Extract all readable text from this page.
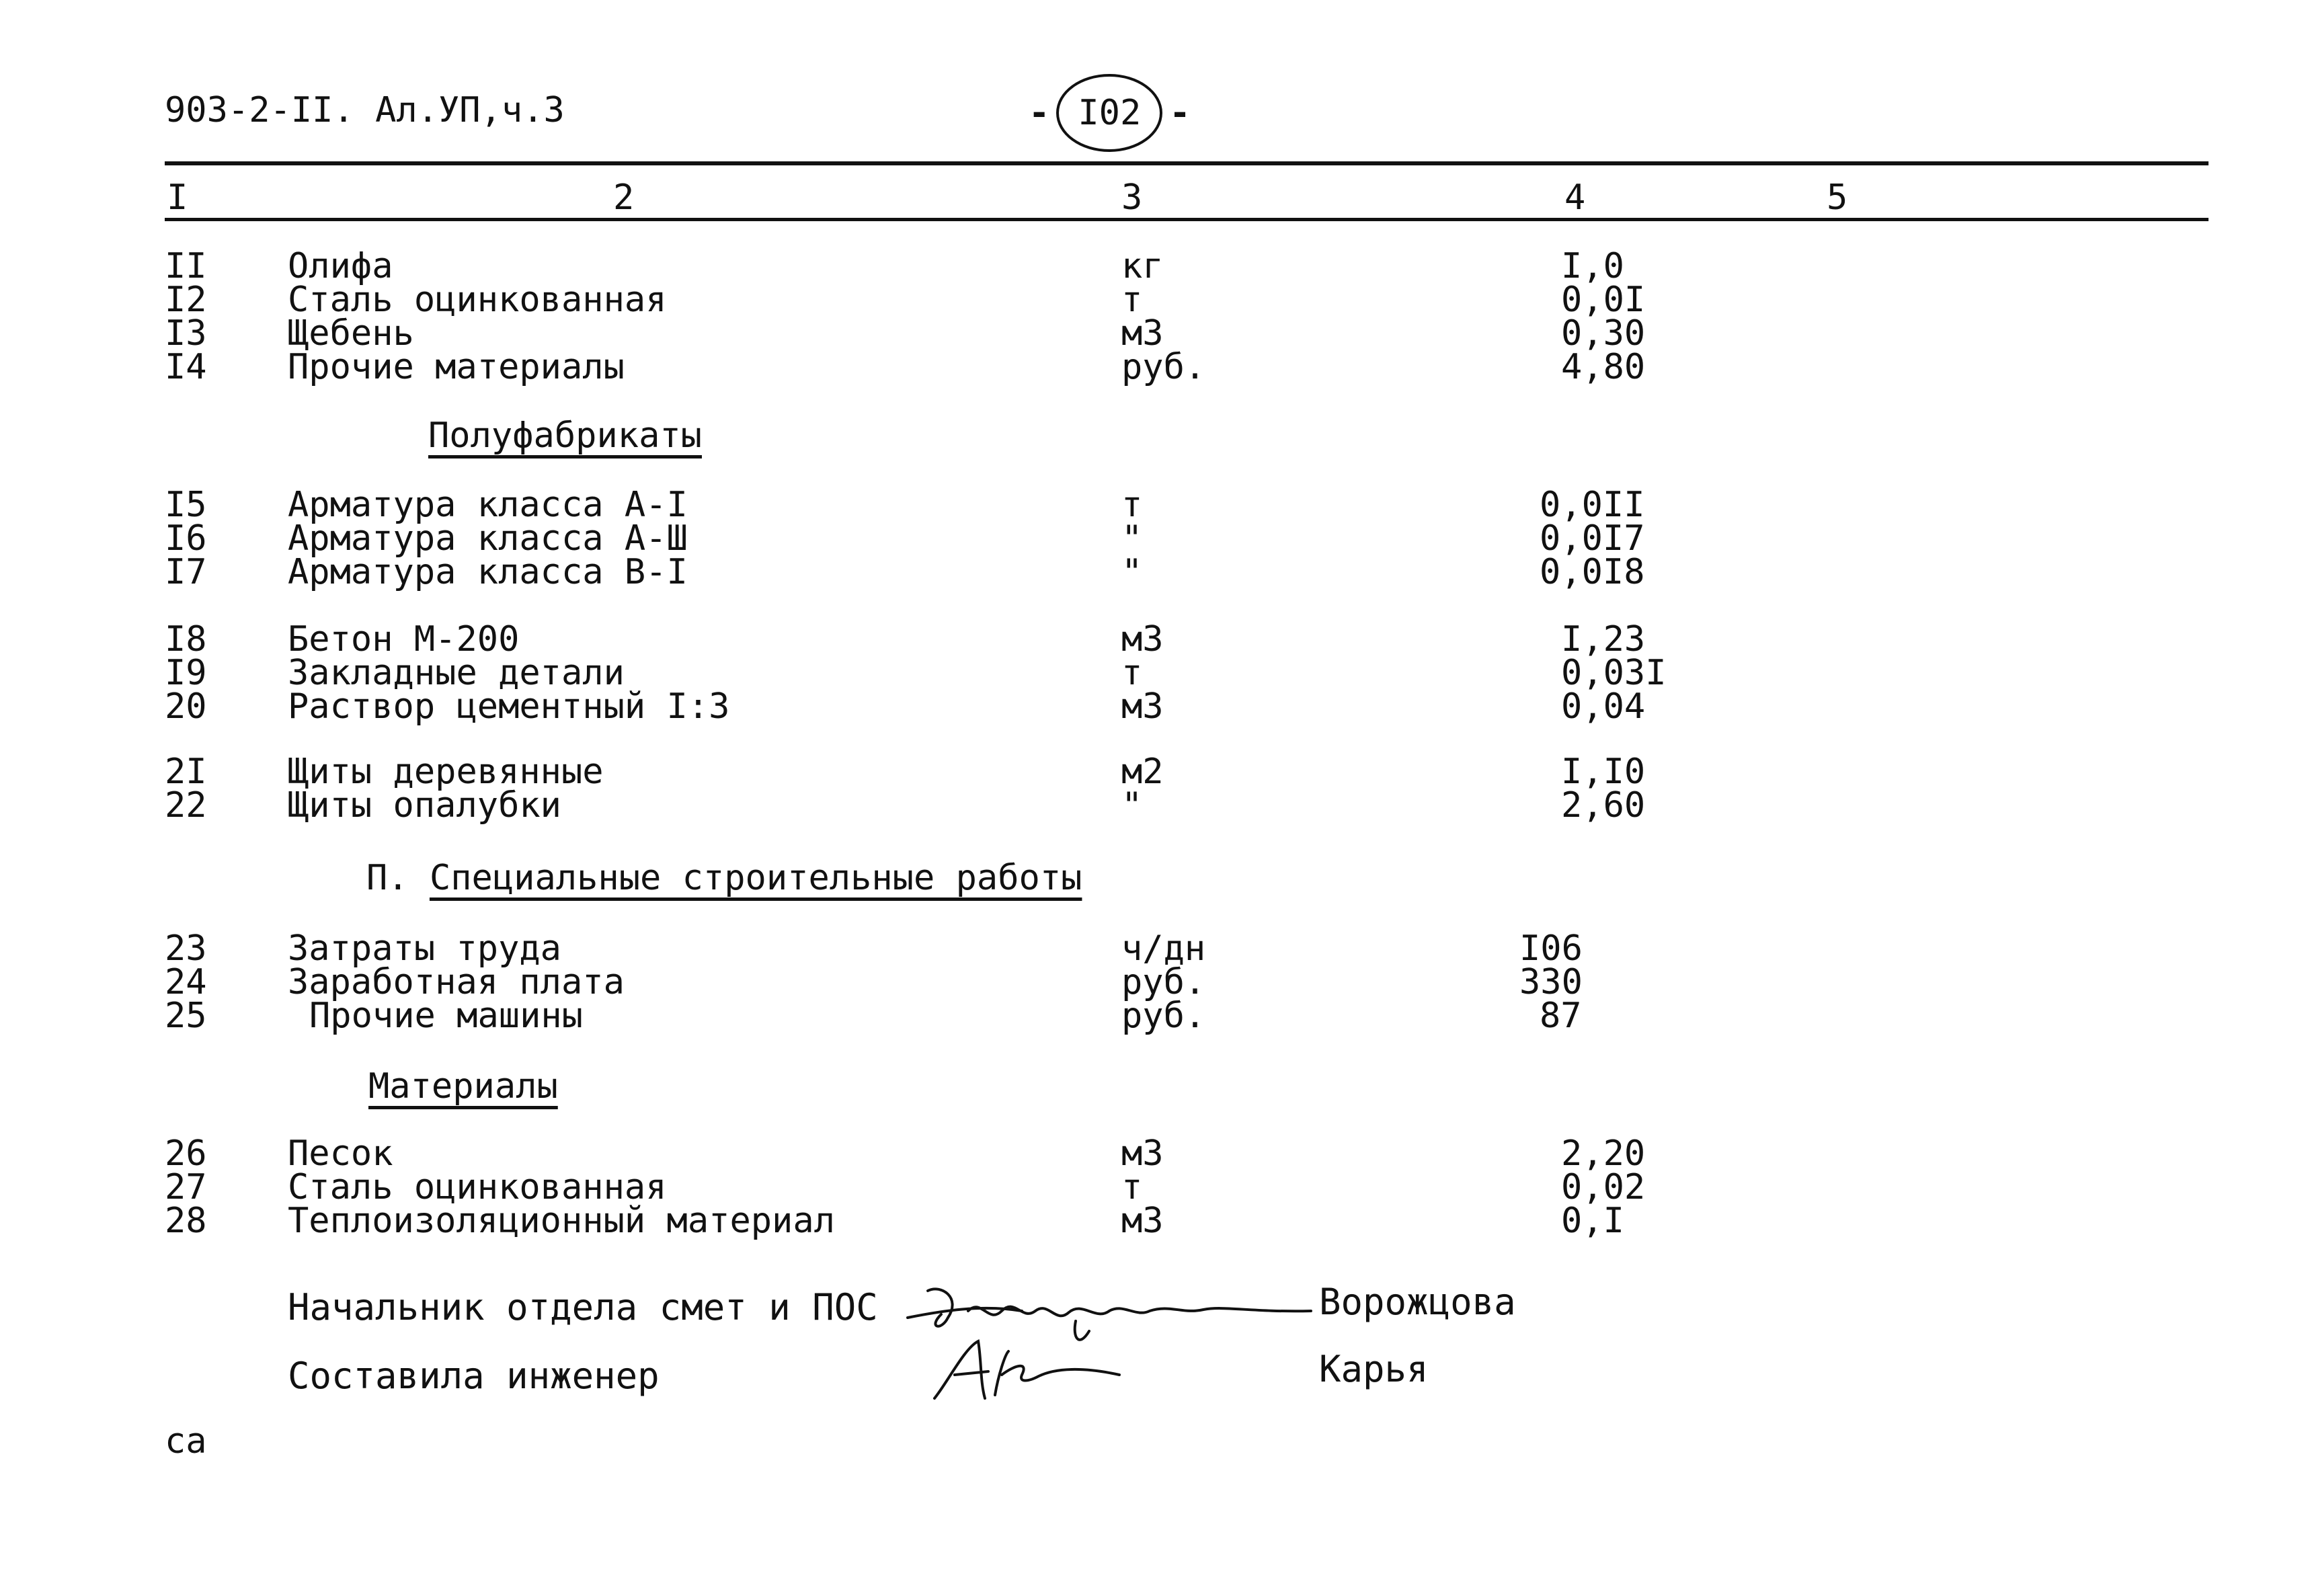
903-2-II. Ал.УП,ч.3	- I02 -
I	2	3	4	5
II Олифа	кг	I,0
I2 Сталь оцинкованная	т	0,0I
I3 Щебень	м3	0,30
I4 Прочие материалы	руб.	4,80
Полуфабрикаты
I5 Арматура класса А-I	т	0,0II
I6 Арматура класса А-Ш	"	0,0I7
I7 Арматура класса В-I	"	0,0I8
I8 Бетон М-200	м3	I,23
I9 Закладные детали	т	0,03I
20 Раствор цементный I:3	м3	0,04
2I Щиты деревянные	м2	I,I0
22 Щиты опалубки	"	2,60
П. Специальные строительные работы
23 Затраты труда	ч/дн	I06
24 Заработная плата	руб.	330
25	Прочие машины	руб.	87
Материалы
26 Песок	м3	2,20
27 Сталь оцинкованная	т	0,02
28 Теплоизоляционный материал	м3	0,I
Начальник отдела смет и ПОС	Ворожцова
Составила инженер	Карья
са
